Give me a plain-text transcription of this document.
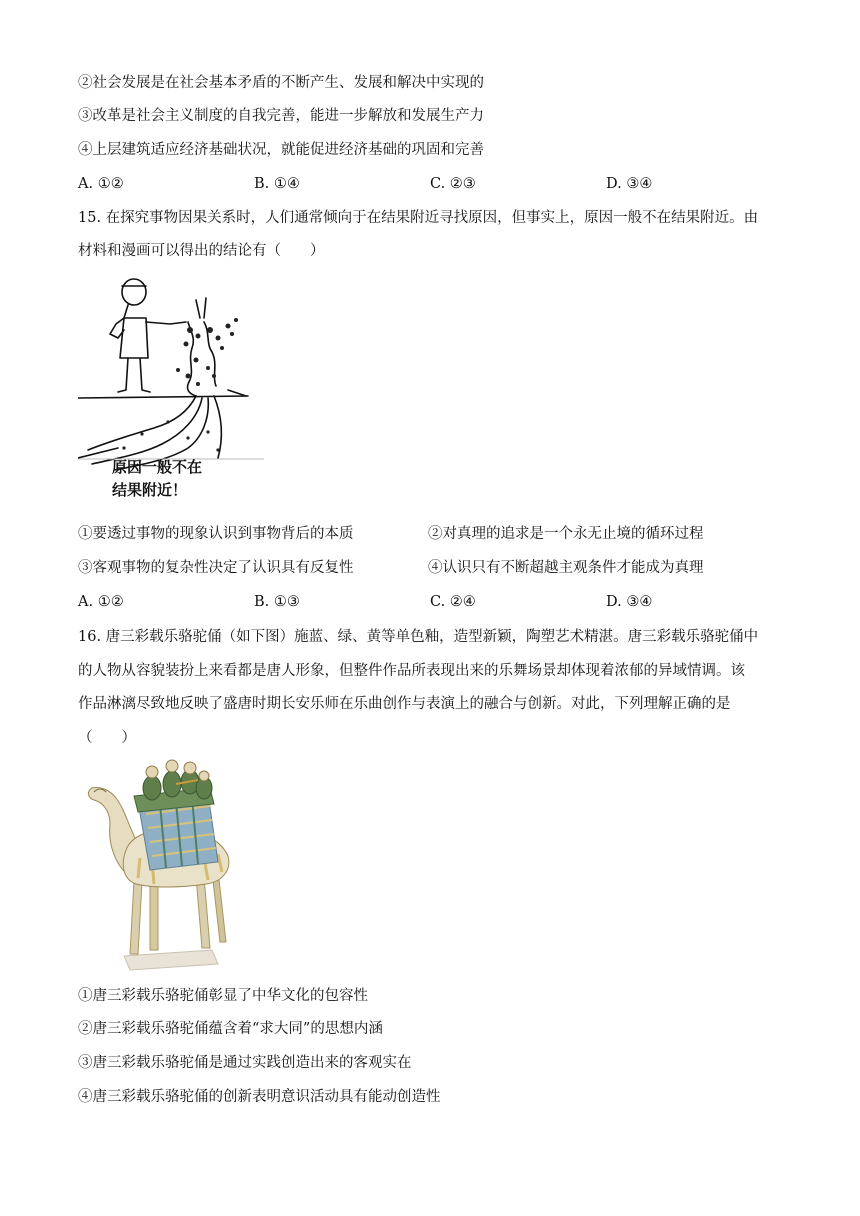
②社会发展是在社会基本矛盾的不断产生、发展和解决中实现的
③改革是社会主义制度的自我完善，能进一步解放和发展生产力
④上层建筑适应经济基础状况，就能促进经济基础的巩固和完善
A. ①②	B. ①④	C. ②③	D. ③④
15. 在探究事物因果关系时，人们通常倾向于在结果附近寻找原因，但事实上，原因一般不在结果附近。由
材料和漫画可以得出的结论有（　　）
原因一般不在
结果附近！
①要透过事物的现象认识到事物背后的本质	②对真理的追求是一个永无止境的循环过程
③客观事物的复杂性决定了认识具有反复性	④认识只有不断超越主观条件才能成为真理
A. ①②	B. ①③	C. ②④	D. ③④
16. 唐三彩载乐骆驼俑（如下图）施蓝、绿、黄等单色釉，造型新颖，陶塑艺术精湛。唐三彩载乐骆驼俑中
的人物从容貌装扮上来看都是唐人形象，但整件作品所表现出来的乐舞场景却体现着浓郁的异域情调。该
作品淋漓尽致地反映了盛唐时期长安乐师在乐曲创作与表演上的融合与创新。对此，下列理解正确的是
（　　）
①唐三彩载乐骆驼俑彰显了中华文化的包容性
②唐三彩载乐骆驼俑蕴含着“求大同”的思想内涵
③唐三彩载乐骆驼俑是通过实践创造出来的客观实在
④唐三彩载乐骆驼俑的创新表明意识活动具有能动创造性
